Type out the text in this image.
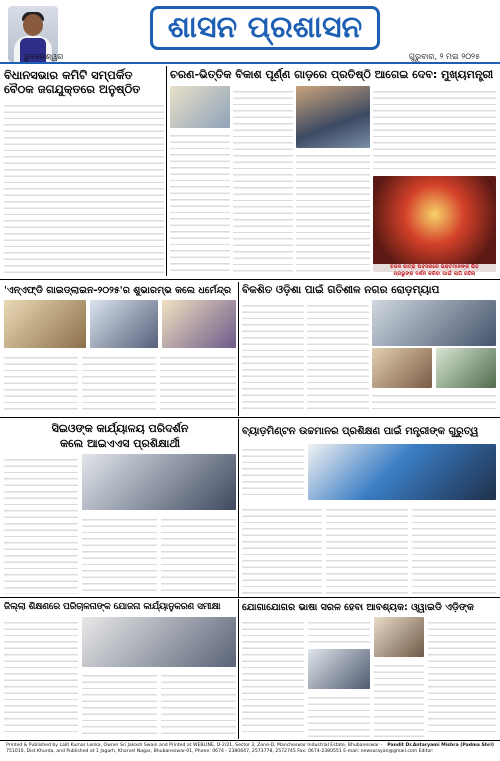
ଶାସନ ପ୍ରଶାସନ
ଭୁବନେଶ୍ୱର	ଗୁରୁବାର, ୨ ମଇ ୨୦୨୫
ବିଧାନସଭାର କମିଟି ସମ୍ପର୍କିତ ବୈଠକ ଜଗଯୁକ୍ତରେ ଅନୁଷ୍ଠିତ
ଚରଣ-ଭିତ୍ତିକ ବିକାଶ ପୂର୍ଣ୍ଣ ଗାଡ଼ରେ ପ୍ରତିଷ୍ଠି ଆଗେଇ ଦେବ: ମୁଖ୍ୟମନ୍ତ୍ରୀ
ଚନ୍ଦନ ଜାତ୍ରା ଅବସରରେ ଭକ୍ତମାନଙ୍କ ଭିଡ଼
ପ୍ରଭୁଙ୍କ ଦର୍ଶନ କରିବା ପାଇଁ ଲାଗି ରହିଲା
'ଏନ୍‌ଏଫ୍‌ଡି ଗାଇଡ୍‌ଲାଇନ-୨୦୨୫'ର ଶୁଭାରମ୍ଭ କଲେ ଧର୍ମେନ୍ଦ୍ର	ବିକଶିତ ଓଡ଼ିଶା ପାଇଁ ଗତିଶୀଳ ନଗର ରୋଡ଼ମ୍ୟାପ
ସିଇଓଙ୍କ କାର୍ଯ୍ୟାଳୟ ପରିଦର୍ଶନ
କଲେ ଆଇଏଏସ ପ୍ରଶିକ୍ଷାର୍ଥୀ
ବ୍ୟାଡ଼ମିଣ୍ଟନ ଉଚ୍ଚମାନର ପ୍ରଶିକ୍ଷଣ ପାଇଁ ମନ୍ତ୍ରୀଙ୍କ ଗୁରୁତ୍ୱ
ଜିଲ୍ଲା ଶିକ୍ଷଣରେ ପରିଚାଳନାଙ୍କ ଯୋଜନା କାର୍ଯ୍ୟାନୁକରଣ ସମୀକ୍ଷା	ଯୋଗାଯୋଗର ଭାଷା ସରଳ ହେବା ଆବଶ୍ୟକ: ଓ୍ୱାଇଡି ଏଡ଼ିଙ୍କ
Pandit Dr.Antaryami Mishra (Padma Shri)
Printed & Published by Lalit Kumar Lenka, Owner Sri Jakash Swain and Printed at WEBLINE, D-2/21, Sector 3, Zone-D, Mancheswar Industrial Estate, Bhubaneswar - 751010, Dist Khurda, and Published at 1 Jagarh, Kharvel Nagar, Bhubaneswar-01, Phone: 0674 - 2380647, 2573778, 2572745 Fax: 0674-2380551 E-mail: newsarayan@gmail.com Editor:
